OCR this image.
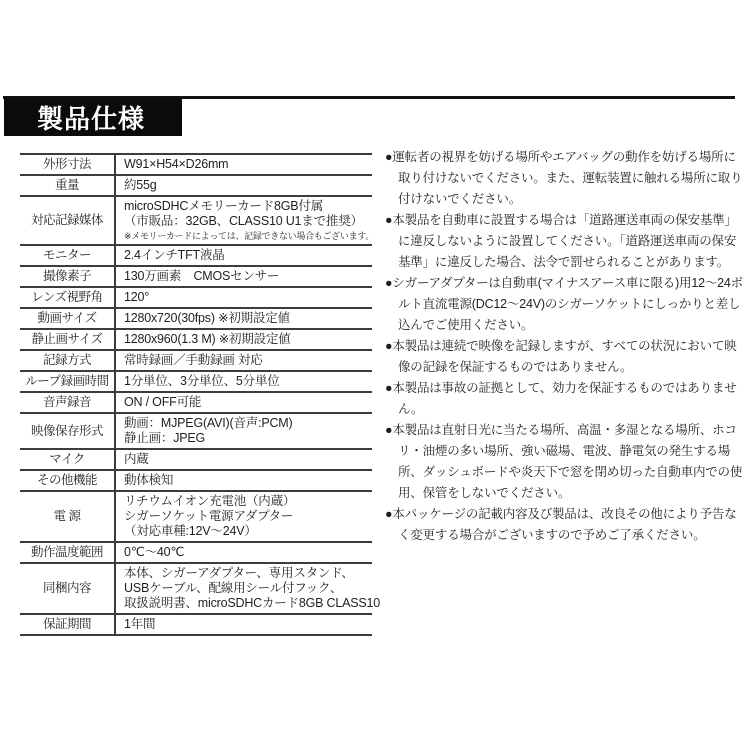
製品仕様
外形寸法	W91×H54×D26mm

重量	約55g

対応記録媒体	microSDHCメモリーカード8GB付属
（市販品：32GB、CLASS10 U1まで推奨）
※メモリーカードによっては、記録できない場合もございます。

モニター	2.4インチTFT液晶

撮像素子	130万画素　CMOSセンサー

レンズ視野角	120°

動画サイズ	1280x720(30fps) ※初期設定値

静止画サイズ	1280x960(1.3 M) ※初期設定値

記録方式	常時録画／手動録画 対応

ループ録画時間	1分単位、3分単位、5分単位

音声録音	ON / OFF可能

映像保存形式	動画：MJPEG(AVI)(音声:PCM)
静止画：JPEG

マイク	内蔵

その他機能	動体検知

電 源	リチウムイオン充電池（内蔵）
シガーソケット電源アダプター
（対応車種:12V～24V）

動作温度範囲	0℃～40℃

同梱内容	本体、シガーアダプター、専用スタンド、
USBケーブル、配線用シール付フック、
取扱説明書、microSDHCカード8GB CLASS10

保証期間	1年間
●運転者の視界を妨げる場所やエアバッグの動作を妨げる場所に取り付けないでください。また、運転装置に触れる場所に取り付けないでください。
●本製品を自動車に設置する場合は「道路運送車両の保安基準」に違反しないように設置してください。「道路運送車両の保安基準」に違反した場合、法令で罰せられることがあります。
●シガーアダプターは自動車(マイナスアース車に限る)用12～24ボルト直流電源(DC12～24V)のシガーソケットにしっかりと差し込んでご使用ください。
●本製品は連続で映像を記録しますが、すべての状況において映像の記録を保証するものではありません。
●本製品は事故の証拠として、効力を保証するものではありません。
●本製品は直射日光に当たる場所、高温・多湿となる場所、ホコリ・油煙の多い場所、強い磁場、電波、静電気の発生する場所、ダッシュボードや炎天下で窓を閉め切った自動車内での使用、保管をしないでください。
●本パッケージの記載内容及び製品は、改良その他により予告なく変更する場合がございますので予めご了承ください。
